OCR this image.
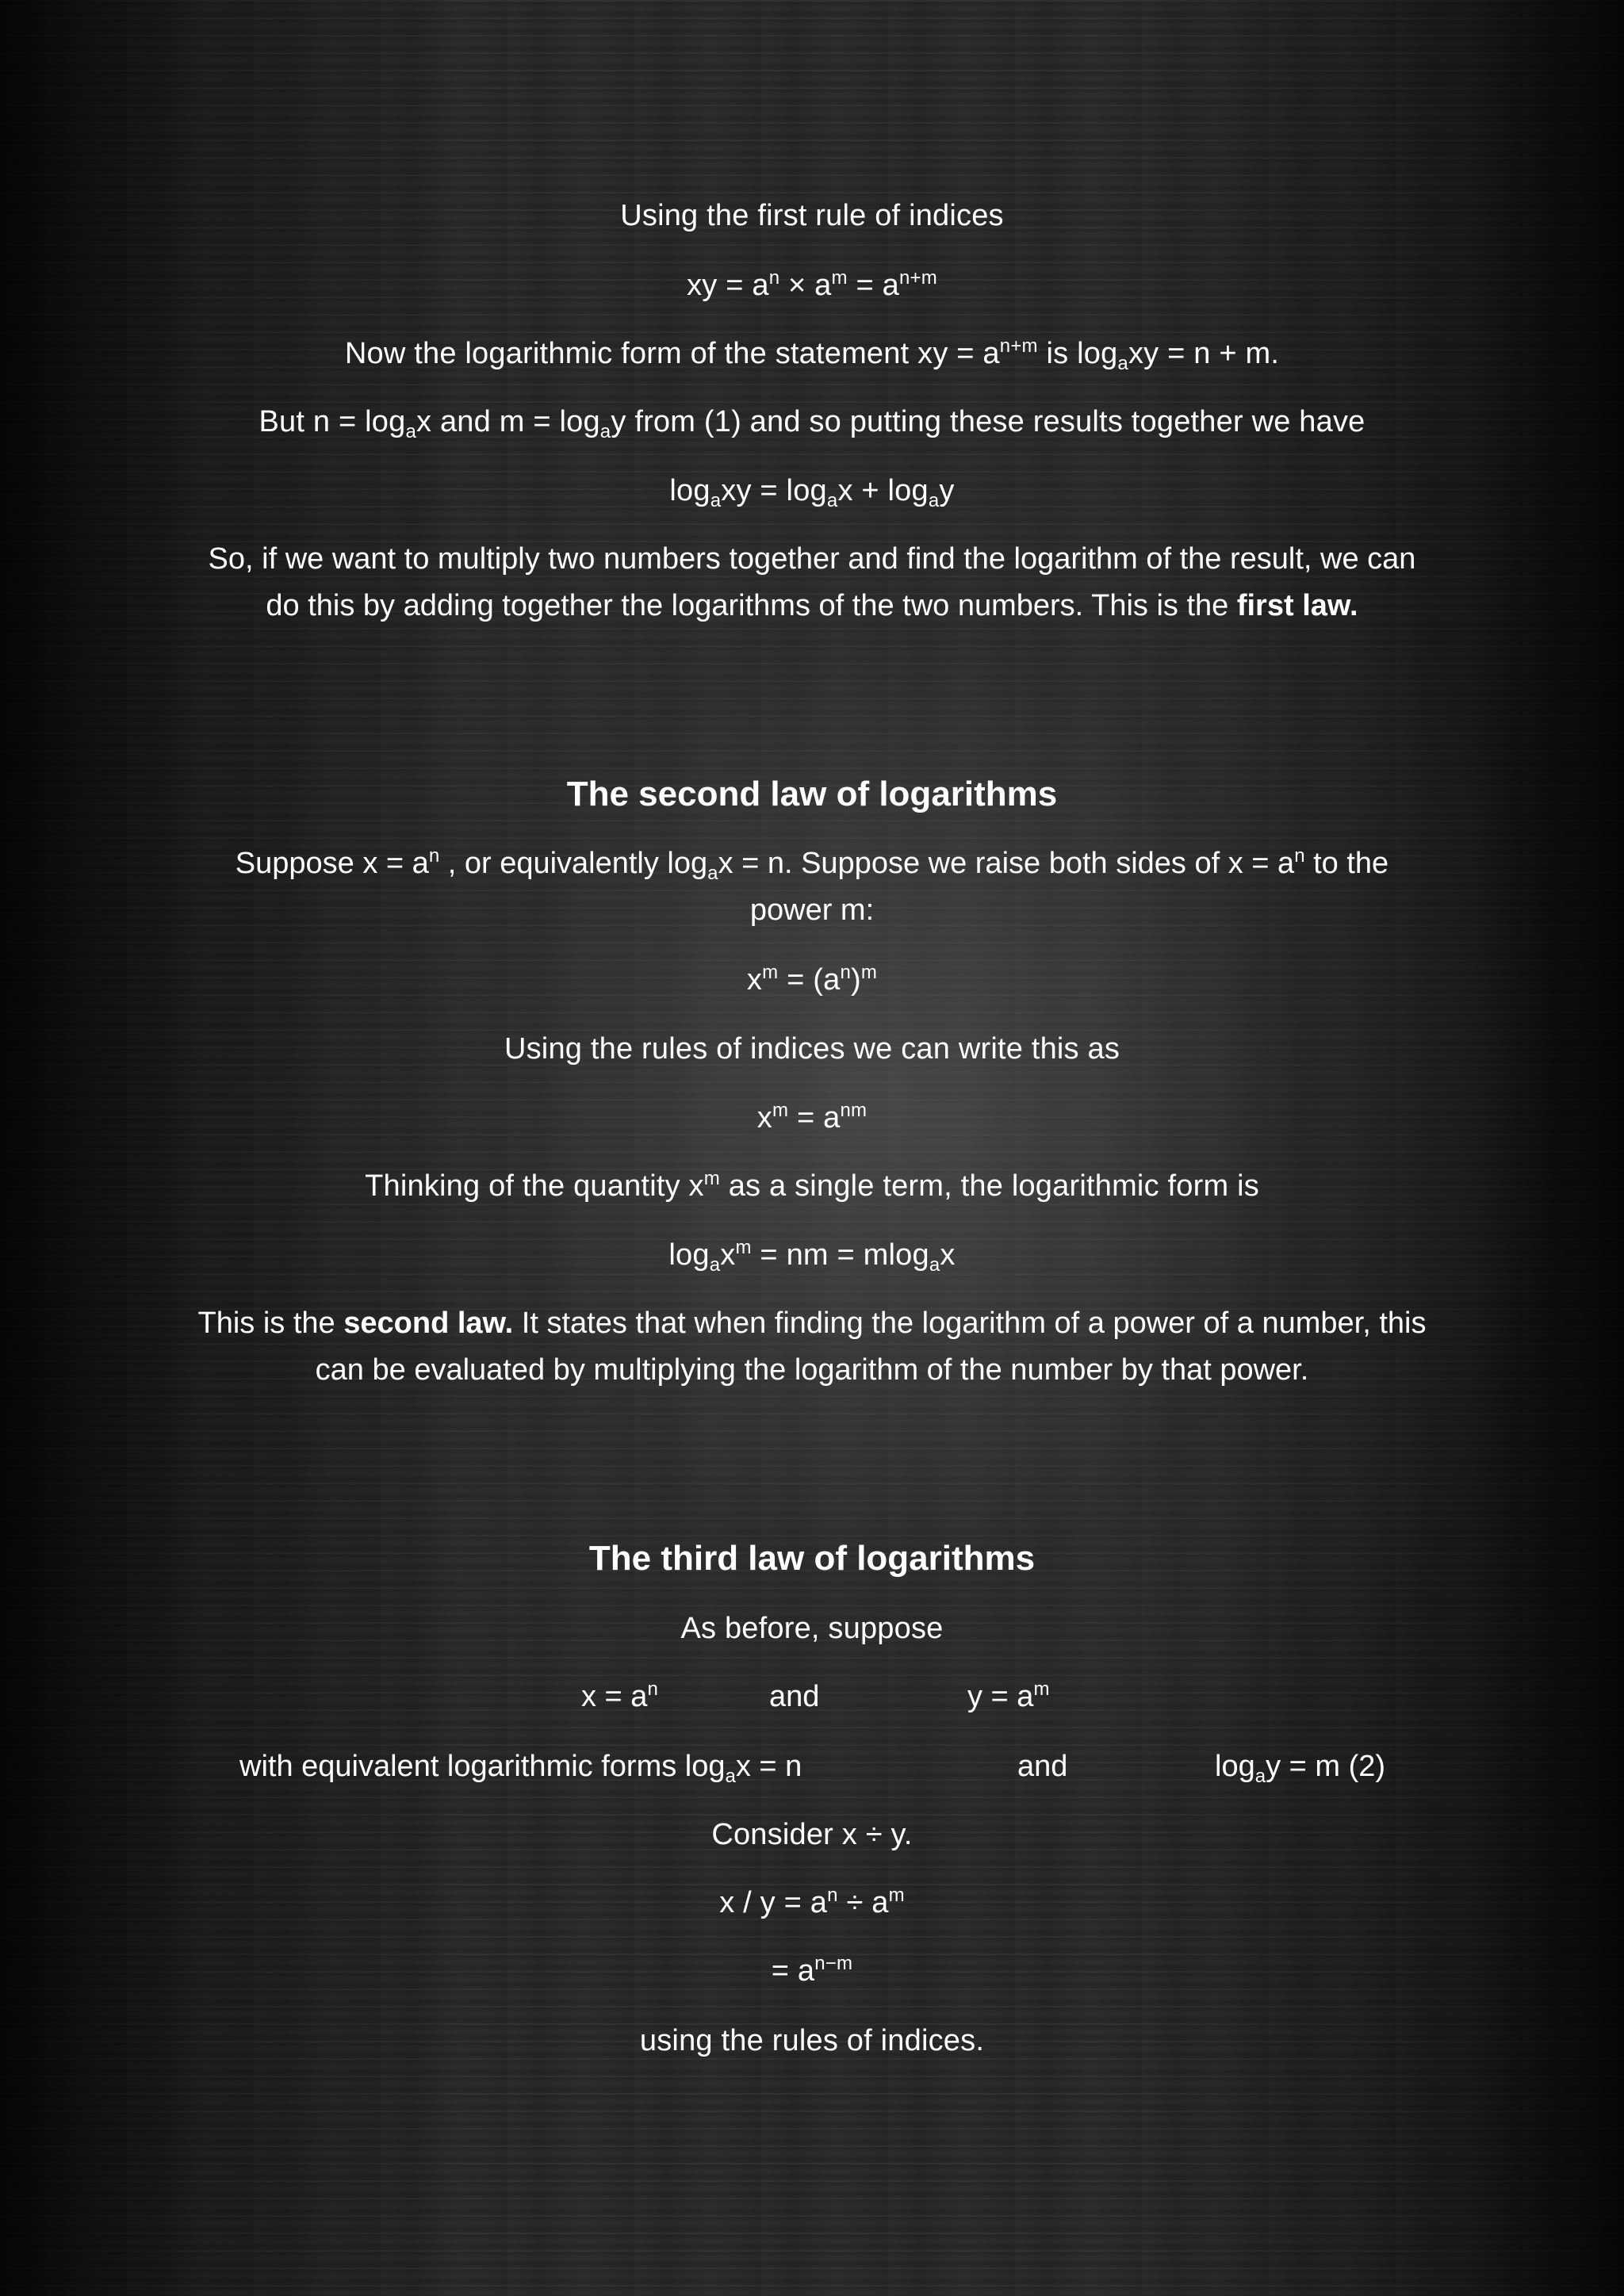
Using the first rule of indices
xy = $a^n \times a^m = a^{n+m}$
Now the logarithmic form of the statement xy = $a^{n+m}$ is $\log_axy = n + m$.
But $n = \log_ax$ and $m = \log_ay$ from (1) and so putting these results together we have
$\log_axy = \log_ax + \log_ay$
So, if we want to multiply two numbers together and find the logarithm of the result, we can do this by adding together the logarithms of the two numbers. This is the first law.
The second law of logarithms
Suppose $x = a^n$ , or equivalently $\log_ax = n$. Suppose we raise both sides of $x = a^n$ to the power m:
$x^m = (a^n)^m$
Using the rules of indices we can write this as
$x^m = a^{nm}$
Thinking of the quantity $x^m$ as a single term, the logarithmic form is
$\log_ax^m$ = nm = mlog$_a$x
This is the second law. It states that when finding the logarithm of a power of a number, this can be evaluated by multiplying the logarithm of the number by that power.
The third law of logarithms
As before, suppose
$x = a^n$	and	$y = a^m$
with equivalent logarithmic forms $\log_ax = n$	and	$\log_ay = m$ (2)
Consider x ÷ y.
$x / y = a^n \div a^m$
= $a^{n-m}$
using the rules of indices.
